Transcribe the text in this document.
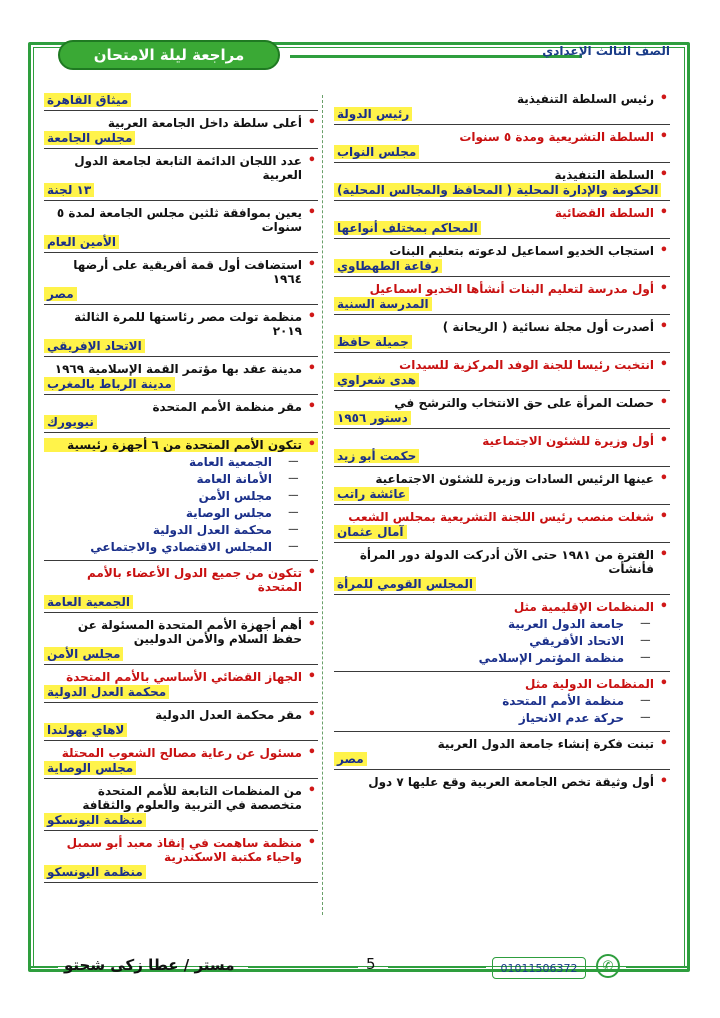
مراجعة ليلة الامتحان	الصف الثالث الإعدادي
• رئيس السلطة التنفيذية
رئيس الدولة
• السلطة التشريعية ومدة ٥ سنوات
مجلس النواب
• السلطة التنفيذية
الحكومة والإدارة المحلية ( المحافظ والمجالس المحلية)
• السلطة القضائية
المحاكم بمختلف أنواعها
• استجاب الخديو اسماعيل لدعوته بتعليم البنات
رفاعة الطهطاوي
• أول مدرسة لتعليم البنات أنشأها الخديو اسماعيل
المدرسة السنية
• أصدرت أول مجلة نسائية ( الريحانة )
جميلة حافظ
• انتخبت رئيسا للجنة الوفد المركزية للسيدات
هدى شعراوي
• حصلت المرأة على حق الانتخاب والترشح في
دستور ١٩٥٦
• أول وزيرة للشئون الاجتماعية
حكمت أبو زيد
• عينها الرئيس السادات وزيرة للشئون الاجتماعية
عائشة راتب
• شغلت منصب رئيس اللجنة التشريعية بمجلس الشعب
آمال عثمان
• الفترة من ١٩٨١ حتى الآن أدركت الدولة دور المرأة فأنشأت
المجلس القومي للمرأة
• المنظمات الإقليمية مثل
ـــ جامعة الدول العربية
ـــ الاتحاد الأفريقي
ـــ منظمة المؤتمر الإسلامي
• المنظمات الدولية مثل
ـــ منظمة الأمم المتحدة
ـــ حركة عدم الانحياز
• تبنت فكرة إنشاء جامعة الدول العربية
مصر
• أول وثيقة تخص الجامعة العربية وقع عليها ٧ دول
ميثاق القاهرة
• أعلى سلطة داخل الجامعة العربية
مجلس الجامعة
• عدد اللجان الدائمة التابعة لجامعة الدول العربية
١٣ لجنة
• يعين بموافقة ثلثين مجلس الجامعة لمدة ٥ سنوات
الأمين العام
• استضافت أول قمة أفريقية على أرضها ١٩٦٤
مصر
• منظمة تولت مصر رئاستها للمرة الثالثة ٢٠١٩
الاتحاد الإفريقي
• مدينة عقد بها مؤتمر القمة الإسلامية ١٩٦٩
مدينة الرباط بالمغرب
• مقر منظمة الأمم المتحدة
نيويورك
• تتكون الأمم المتحدة من ٦ أجهزة رئيسية
ـــ الجمعية العامة
ـــ الأمانة العامة
ـــ مجلس الأمن
ـــ مجلس الوصاية
ـــ محكمة العدل الدولية
ـــ المجلس الاقتصادي والاجتماعي
• تتكون من جميع الدول الأعضاء بالأمم المتحدة
الجمعية العامة
• أهم أجهزة الأمم المتحدة المسئولة عن حفظ السلام والأمن الدوليين
مجلس الأمن
• الجهاز القضائي الأساسي بالأمم المتحدة
محكمة العدل الدولية
• مقر محكمة العدل الدولية
لاهاي بهولندا
• مسئول عن رعاية مصالح الشعوب المحتلة
مجلس الوصاية
• من المنظمات التابعة للأمم المتحدة متخصصة في التربية والعلوم والثقافة
منظمة اليونسكو
• منظمة ساهمت في إنقاذ معبد أبو سمبل واحياء مكتبة الاسكندرية
منظمة اليونسكو
مستر / عطا زكى شحتو	5	01011506372	✆
